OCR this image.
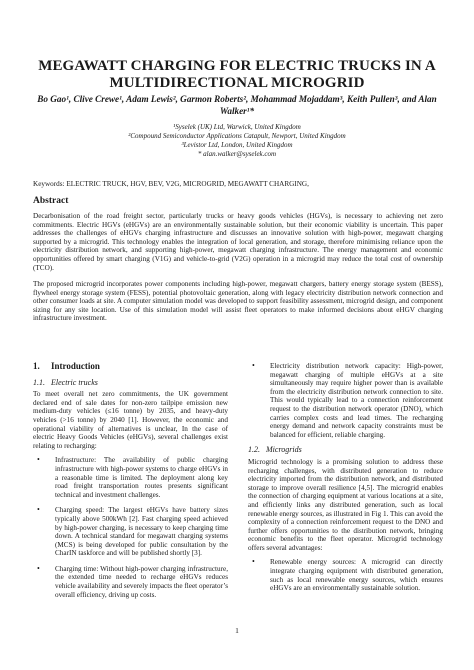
MEGAWATT CHARGING FOR ELECTRIC TRUCKS IN A MULTIDIRECTIONAL MICROGRID
Bo Gao¹, Clive Crewe¹, Adam Lewis², Garmon Roberts², Mohammad Mojaddam³, Keith Pullen³, and Alan Walker¹*
¹Syselek (UK) Ltd, Warwick, United Kingdom
²Compound Semiconductor Applications Catapult, Newport, United Kingdom
³Levistor Ltd, London, United Kingdom
* alan.walker@syselek.com
Keywords: ELECTRIC TRUCK, HGV, BEV, V2G, MICROGRID, MEGAWATT CHARGING,
Abstract
Decarbonisation of the road freight sector, particularly trucks or heavy goods vehicles (HGVs), is necessary to achieving net zero commitments. Electric HGVs (eHGVs) are an environmentally sustainable solution, but their economic viability is uncertain. This paper addresses the challenges of eHGVs charging infrastructure and discusses an innovative solution with high-power, megawatt charging supported by a microgrid. This technology enables the integration of local generation, and storage, therefore minimising reliance upon the electricity distribution network, and supporting high-power, megawatt charging infrastructure. The energy management and economic opportunities offered by smart charging (V1G) and vehicle-to-grid (V2G) operation in a microgrid may reduce the total cost of ownership (TCO).
The proposed microgrid incorporates power components including high-power, megawatt chargers, battery energy storage system (BESS), flywheel energy storage system (FESS), potential photovoltaic generation, along with legacy electricity distribution network connection and other consumer loads at site. A computer simulation model was developed to support feasibility assessment, microgrid design, and component sizing for any site location. Use of this simulation model will assist fleet operators to make informed decisions about eHGV charging infrastructure investment.
1. Introduction
1.1. Electric trucks
To meet overall net zero commitments, the UK government declared end of sale dates for non-zero tailpipe emission new medium-duty vehicles (≤16 tonne) by 2035, and heavy-duty vehicles (>16 tonne) by 2040 [1]. However, the economic and operational viability of alternatives is unclear, In the case of electric Heavy Goods Vehicles (eHGVs), several challenges exist relating to recharging:
• Infrastructure: The availability of public charging infrastructure with high-power systems to charge eHGVs in a reasonable time is limited. The deployment along key road freight transportation routes presents significant technical and investment challenges.
• Charging speed: The largest eHGVs have battery sizes typically above 500kWh [2]. Fast charging speed achieved by high-power charging, is necessary to keep charging time down. A technical standard for megawatt charging systems (MCS) is being developed for public consultation by the CharIN taskforce and will be published shortly [3].
• Charging time: Without high-power charging infrastructure, the extended time needed to recharge eHGVs reduces vehicle availability and severely impacts the fleet operator’s overall efficiency, driving up costs.
• Electricity distribution network capacity: High-power, megawatt charging of multiple eHGVs at a site simultaneously may require higher power than is available from the electricity distribution network connection to site. This would typically lead to a connection reinforcement request to the distribution network operator (DNO), which carries complex costs and lead times. The recharging energy demand and network capacity constraints must be balanced for efficient, reliable charging.
1.2. Microgrids
Microgrid technology is a promising solution to address these recharging challenges, with distributed generation to reduce electricity imported from the distribution network, and distributed storage to improve overall resilience [4,5]. The microgrid enables the connection of charging equipment at various locations at a site, and efficiently links any distributed generation, such as local renewable energy sources, as illustrated in Fig 1. This can avoid the complexity of a connection reinforcement request to the DNO and further offers opportunities to the distribution network, bringing economic benefits to the fleet operator. Microgrid technology offers several advantages:
• Renewable energy sources: A microgrid can directly integrate charging equipment with distributed generation, such as local renewable energy sources, which ensures eHGVs are an environmentally sustainable solution.
1
